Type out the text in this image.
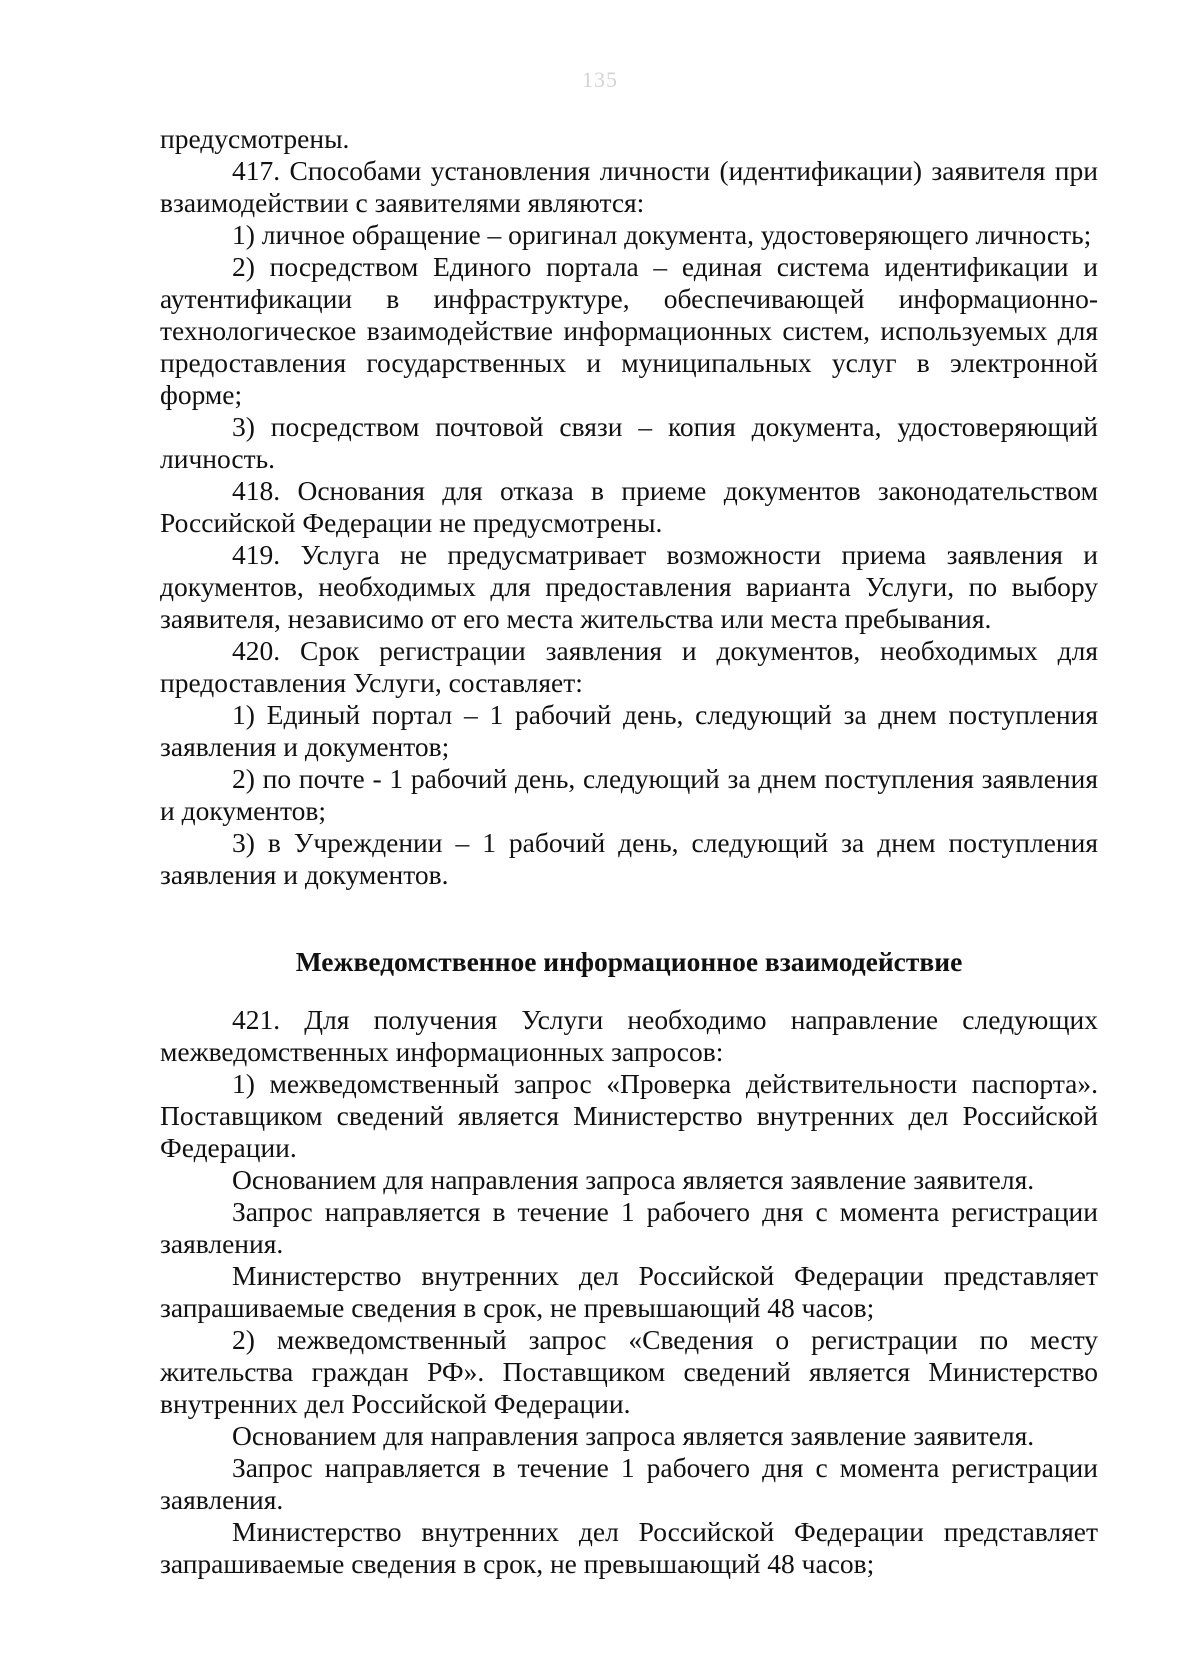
135

предусмотрены.

417. Способами установления личности (идентификации) заявителя при взаимодействии с заявителями являются:

1) личное обращение – оригинал документа, удостоверяющего личность;

2) посредством Единого портала – единая система идентификации и аутентификации в инфраструктуре, обеспечивающей информационно-технологическое взаимодействие информационных систем, используемых для предоставления государственных и муниципальных услуг в электронной форме;

3) посредством почтовой связи – копия документа, удостоверяющий личность.

418. Основания для отказа в приеме документов законодательством Российской Федерации не предусмотрены.

419. Услуга не предусматривает возможности приема заявления и документов, необходимых для предоставления варианта Услуги, по выбору заявителя, независимо от его места жительства или места пребывания.

420. Срок регистрации заявления и документов, необходимых для предоставления Услуги, составляет:

1) Единый портал – 1 рабочий день, следующий за днем поступления заявления и документов;

2) по почте - 1 рабочий день, следующий за днем поступления заявления и документов;

3) в Учреждении – 1 рабочий день, следующий за днем поступления заявления и документов.

Межведомственное информационное взаимодействие

421. Для получения Услуги необходимо направление следующих межведомственных информационных запросов:

1) межведомственный запрос «Проверка действительности паспорта». Поставщиком сведений является Министерство внутренних дел Российской Федерации.

Основанием для направления запроса является заявление заявителя.

Запрос направляется в течение 1 рабочего дня с момента регистрации заявления.

Министерство внутренних дел Российской Федерации представляет запрашиваемые сведения в срок, не превышающий 48 часов;

2) межведомственный запрос «Сведения о регистрации по месту жительства граждан РФ». Поставщиком сведений является Министерство внутренних дел Российской Федерации.

Основанием для направления запроса является заявление заявителя.

Запрос направляется в течение 1 рабочего дня с момента регистрации заявления.

Министерство внутренних дел Российской Федерации представляет запрашиваемые сведения в срок, не превышающий 48 часов;
